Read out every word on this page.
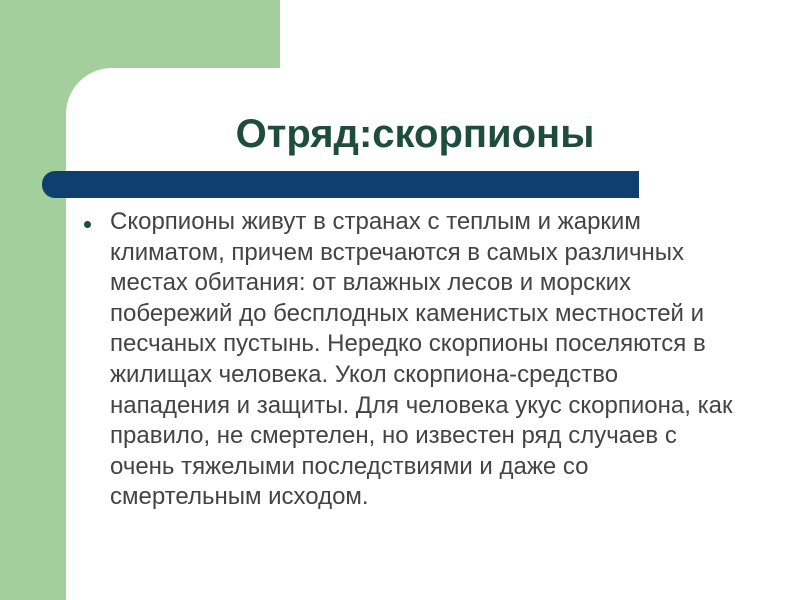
Отряд:скорпионы

Скорпионы живут в странах с теплым и жарким климатом, причем встречаются в самых различных местах обитания: от влажных лесов и морских побережий до бесплодных каменистых местностей и песчаных пустынь. Нередко скорпионы поселяются в жилищах человека. Укол скорпиона-средство нападения и защиты. Для человека укус скорпиона, как правило, не смертелен, но известен ряд случаев с очень тяжелыми последствиями и даже со смертельным исходом.
